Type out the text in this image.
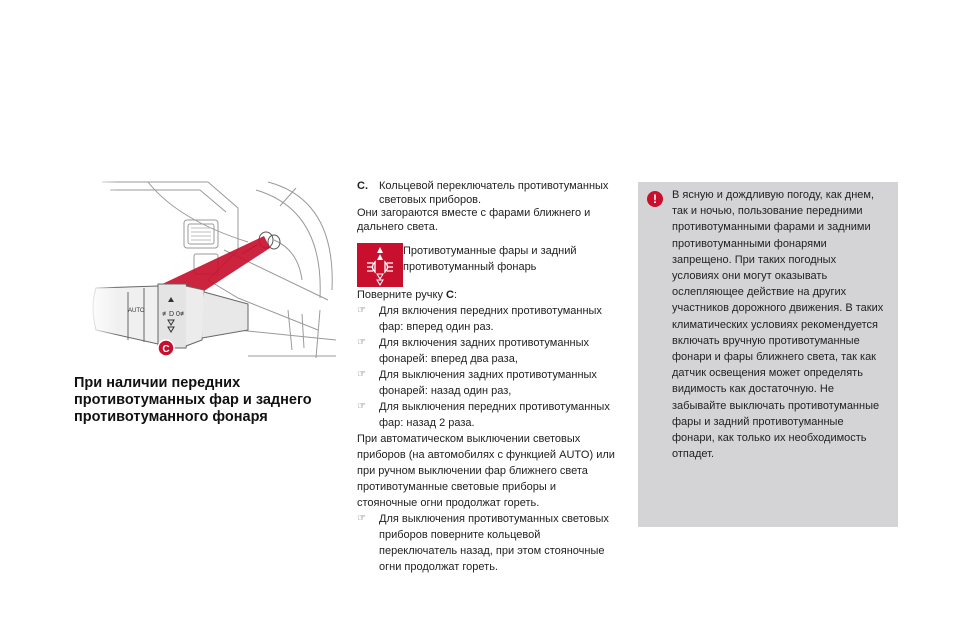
При наличии передних противотуманных фар и заднего противотуманного фонаря

C. Кольцевой переключатель противотуманных световых приборов.

Они загораются вместе с фарами ближнего и дальнего света.

Противотуманные фары и задний противотуманный фонарь

Поверните ручку C:

☞ Для включения передних противотуманных фар: вперед один раз.
☞ Для включения задних противотуманных фонарей: вперед два раза,
☞ Для выключения задних противотуманных фонарей: назад один раз,
☞ Для выключения передних противотуманных фар: назад 2 раза.

При автоматическом выключении световых приборов (на автомобилях с функцией AUTO) или при ручном выключении фар ближнего света противотуманные световые приборы и стояночные огни продолжат гореть.

☞ Для выключения противотуманных световых приборов поверните кольцевой переключатель назад, при этом стояночные огни продолжат гореть.
!	В ясную и дождливую погоду, как днем, так и ночью, пользование передними противотуманными фарами и задними противотуманными фонарями запрещено. При таких погодных условиях они могут оказывать ослепляющее действие на других участников дорожного движения. В таких климатических условиях рекомендуется включать вручную противотуманные фонари и фары ближнего света, так как датчик освещения может определять видимость как достаточную. Не забывайте выключать противотуманные фары и задний противотуманные фонари, как только их необходимость отпадет.
